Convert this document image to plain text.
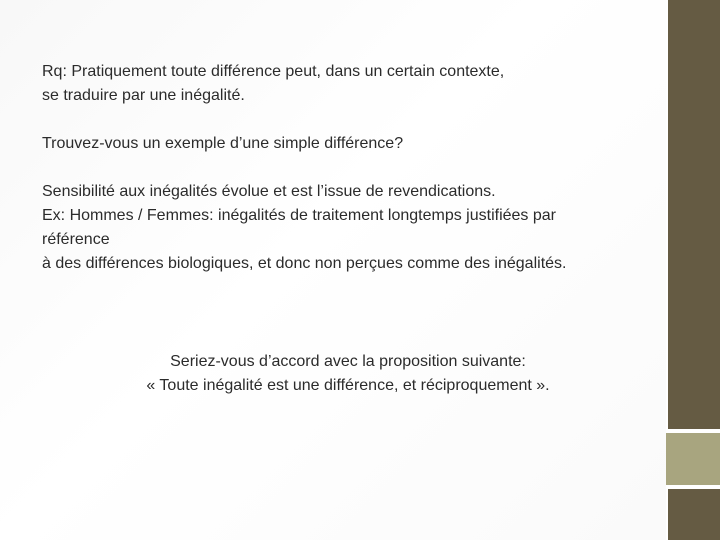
Rq: Pratiquement toute différence peut, dans un certain contexte,
se traduire par une inégalité.
Trouvez-vous un exemple d’une simple différence?
Sensibilité aux inégalités évolue et est l’issue de revendications.
Ex: Hommes / Femmes: inégalités de traitement longtemps justifiées par
référence
à des différences biologiques, et donc non perçues comme des inégalités.
Seriez-vous d’accord avec la proposition suivante:
« Toute inégalité est une différence, et réciproquement ».
